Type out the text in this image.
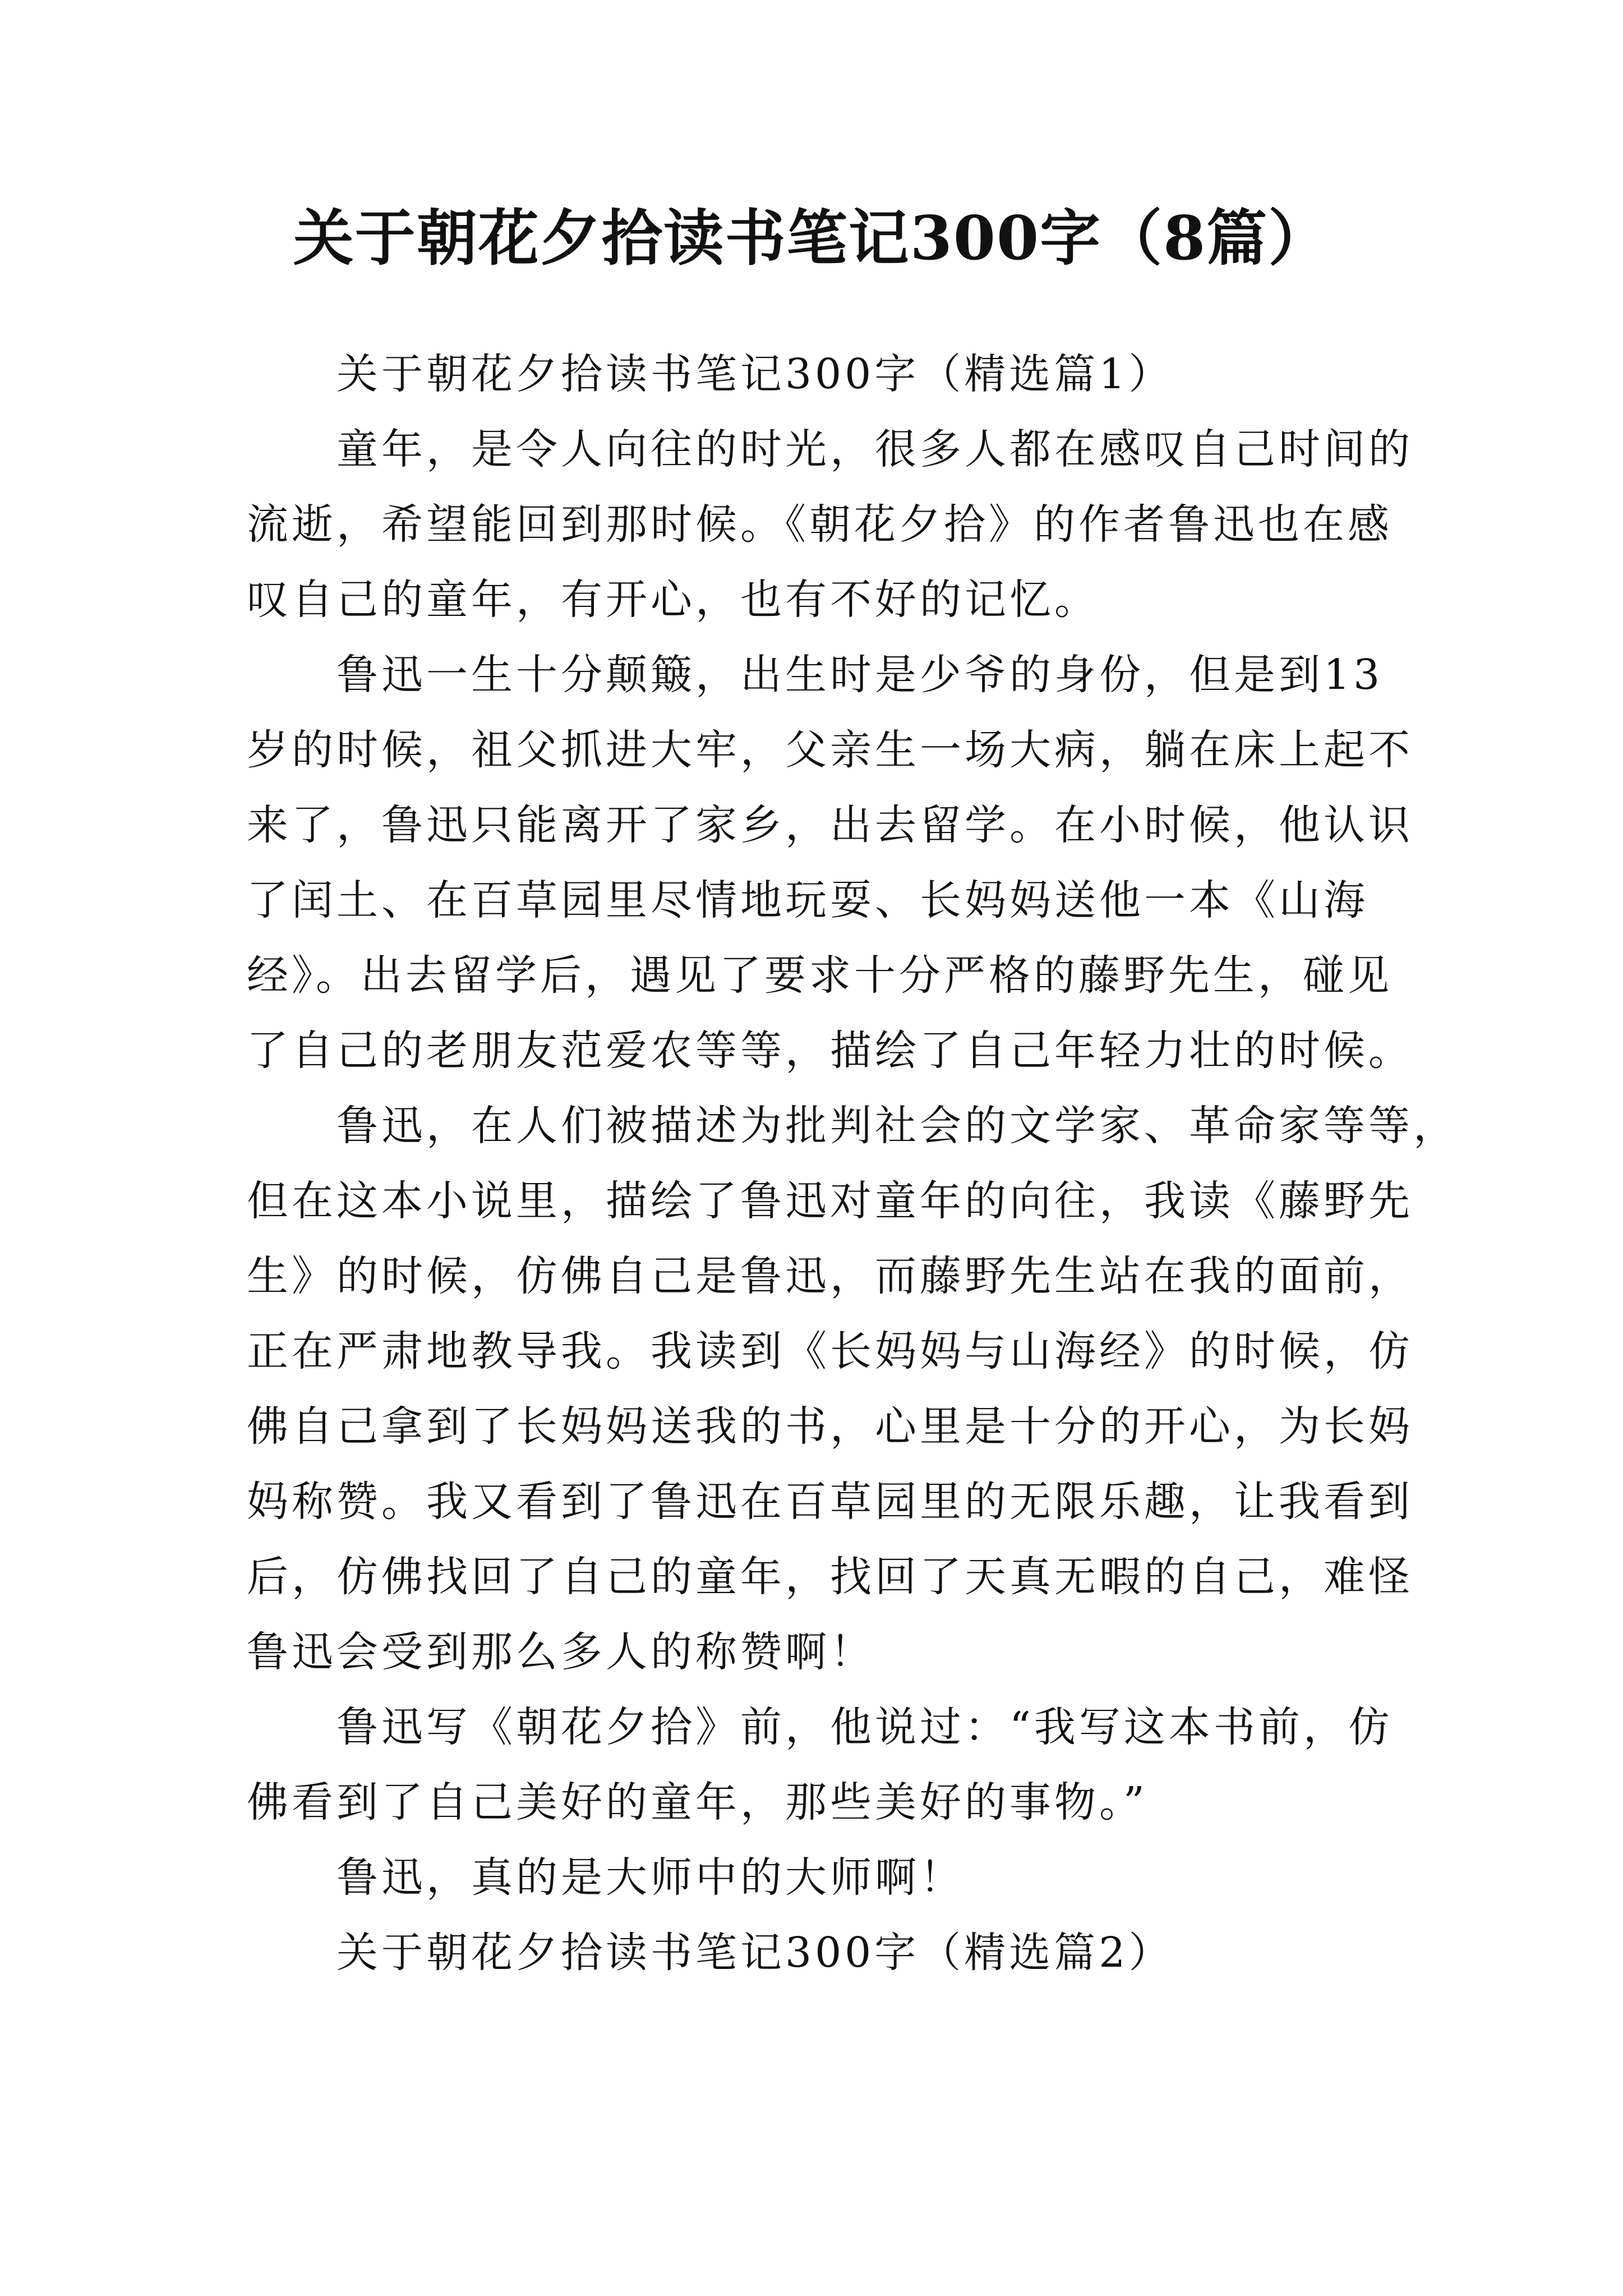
关于朝花夕拾读书笔记300字（8篇）
关于朝花夕拾读书笔记300字（精选篇1）
童年，是令人向往的时光，很多人都在感叹自己时间的
流逝，希望能回到那时候。《朝花夕拾》的作者鲁迅也在感
叹自己的童年，有开心，也有不好的记忆。
鲁迅一生十分颠簸，出生时是少爷的身份，但是到13
岁的时候，祖父抓进大牢，父亲生一场大病，躺在床上起不
来了，鲁迅只能离开了家乡，出去留学。在小时候，他认识
了闰土、在百草园里尽情地玩耍、长妈妈送他一本《山海
经》。出去留学后，遇见了要求十分严格的藤野先生，碰见
了自己的老朋友范爱农等等，描绘了自己年轻力壮的时候。
鲁迅，在人们被描述为批判社会的文学家、革命家等等，
但在这本小说里，描绘了鲁迅对童年的向往，我读《藤野先
生》的时候，仿佛自己是鲁迅，而藤野先生站在我的面前，
正在严肃地教导我。我读到《长妈妈与山海经》的时候，仿
佛自己拿到了长妈妈送我的书，心里是十分的开心，为长妈
妈称赞。我又看到了鲁迅在百草园里的无限乐趣，让我看到
后，仿佛找回了自己的童年，找回了天真无暇的自己，难怪
鲁迅会受到那么多人的称赞啊！
鲁迅写《朝花夕拾》前，他说过：“我写这本书前，仿
佛看到了自己美好的童年，那些美好的事物。”
鲁迅，真的是大师中的大师啊！
关于朝花夕拾读书笔记300字（精选篇2）
